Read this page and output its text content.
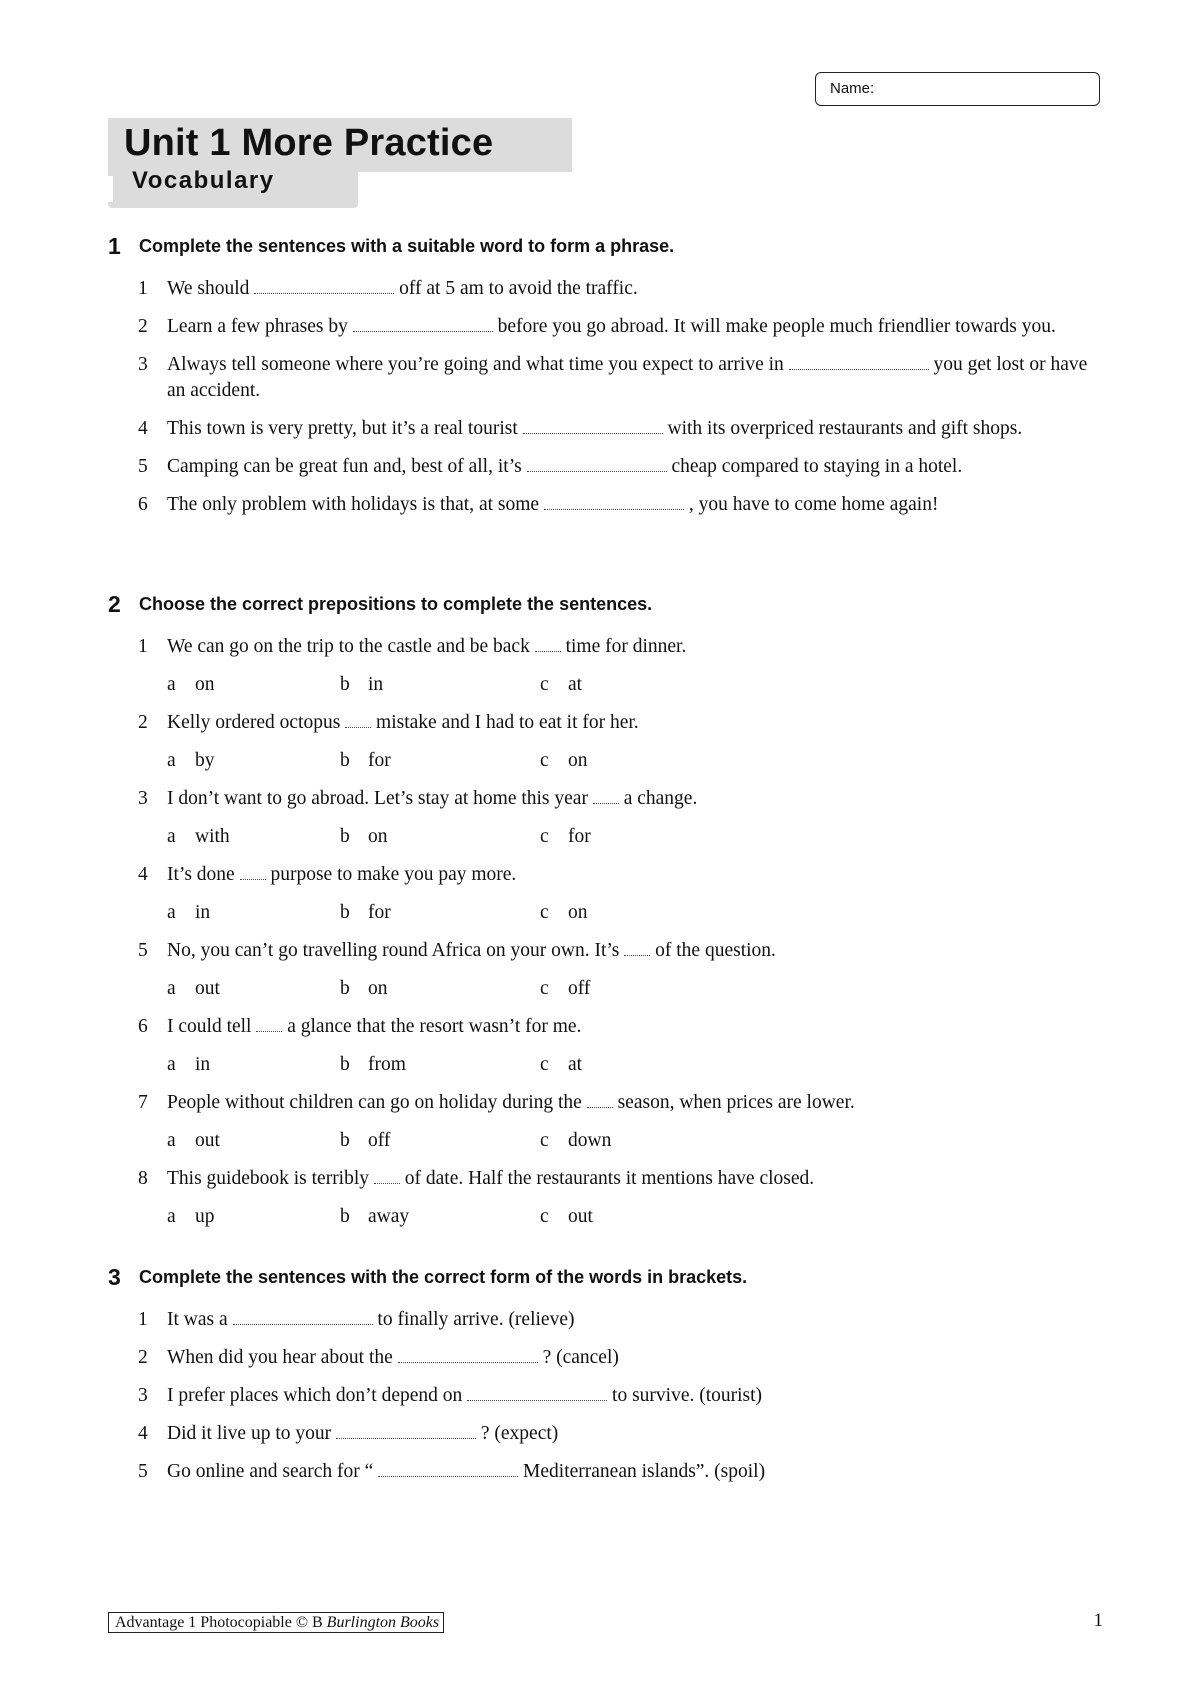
Name:
Unit 1 More Practice
Vocabulary
1 Complete the sentences with a suitable word to form a phrase.
1 We should	off at 5 am to avoid the traffic.
2 Learn a few phrases by	before you go abroad. It will make people much friendlier towards you.
3 Always tell someone where you’re going and what time you expect to arrive in	you get lost or have an accident.
4 This town is very pretty, but it’s a real tourist	with its overpriced restaurants and gift shops.
5 Camping can be great fun and, best of all, it’s	cheap compared to staying in a hotel.
6 The only problem with holidays is that, at some	, you have to come home again!
2 Choose the correct prepositions to complete the sentences.
1 We can go on the trip to the castle and be back time for dinner.
a on	b in	c at
2 Kelly ordered octopus mistake and I had to eat it for her.
a by	b for	c on
3 I don’t want to go abroad. Let’s stay at home this year a change.
a with	b on	c for
4 It’s done purpose to make you pay more.
a in	b for	c on
5 No, you can’t go travelling round Africa on your own. It’s of the question.
a out	b on	c off
6 I could tell a glance that the resort wasn’t for me.
a in	b from	c at
7 People without children can go on holiday during the season, when prices are lower.
a out	b off	c down
8 This guidebook is terribly of date. Half the restaurants it mentions have closed.
a up	b away	c out
3 Complete the sentences with the correct form of the words in brackets.
1 It was a	to finally arrive. (relieve)
2 When did you hear about the	? (cancel)
3 I prefer places which don’t depend on	to survive. (tourist)
4 Did it live up to your	? (expect)
5 Go online and search for “	Mediterranean islands”. (spoil)
Advantage 1 Photocopiable © B Burlington Books	1
